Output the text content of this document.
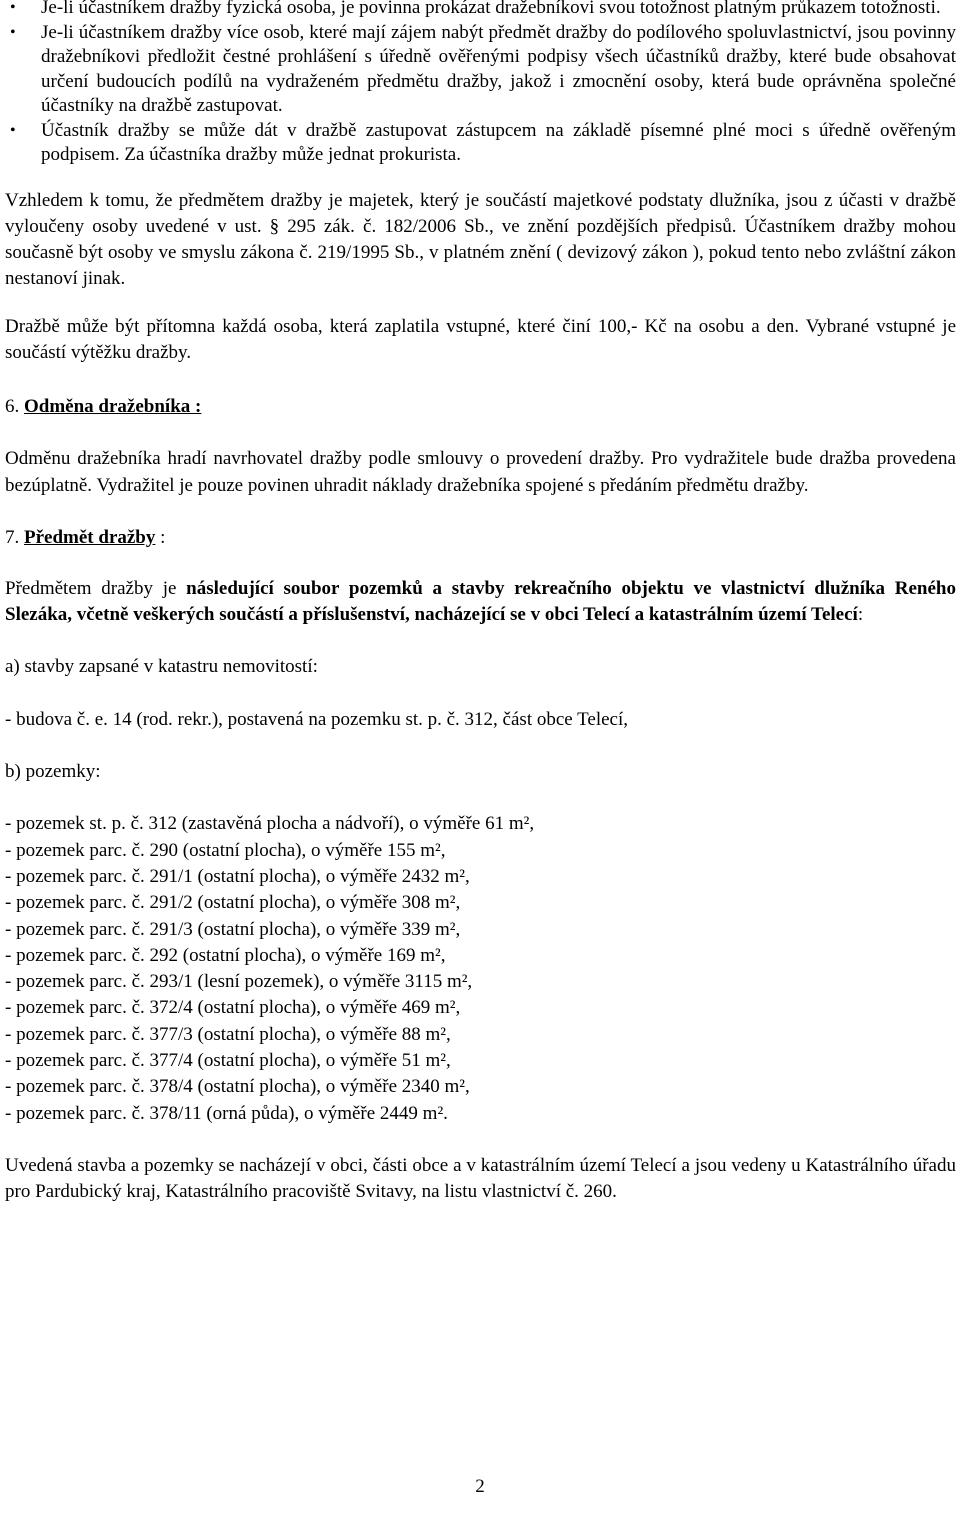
• Je-li účastníkem dražby fyzická osoba, je povinna prokázat dražebníkovi svou totožnost platným průkazem totožnosti.
• Je-li účastníkem dražby více osob, které mají zájem nabýt předmět dražby do podílového spoluvlastnictví, jsou povinny dražebníkovi předložit čestné prohlášení s úředně ověřenými podpisy všech účastníků dražby, které bude obsahovat určení budoucích podílů na vydraženém předmětu dražby, jakož i zmocnění osoby, která bude oprávněna společné účastníky na dražbě zastupovat.
• Účastník dražby se může dát v dražbě zastupovat zástupcem na základě písemné plné moci s úředně ověřeným podpisem. Za účastníka dražby může jednat prokurista.

Vzhledem k tomu, že předmětem dražby je majetek, který je součástí majetkové podstaty dlužníka, jsou z účasti v dražbě vyloučeny osoby uvedené v ust. § 295 zák. č. 182/2006 Sb., ve znění pozdějších předpisů. Účastníkem dražby mohou současně být osoby ve smyslu zákona č. 219/1995 Sb., v platném znění ( devizový zákon ), pokud tento nebo zvláštní zákon nestanoví jinak.

Dražbě může být přítomna každá osoba, která zaplatila vstupné, které činí 100,- Kč na osobu a den. Vybrané vstupné je součástí výtěžku dražby.

6. Odměna dražebníka :

Odměnu dražebníka hradí navrhovatel dražby podle smlouvy o provedení dražby. Pro vydražitele bude dražba provedena bezúplatně. Vydražitel je pouze povinen uhradit náklady dražebníka spojené s předáním předmětu dražby.

7. Předmět dražby :

Předmětem dražby je následující soubor pozemků a stavby rekreačního objektu ve vlastnictví dlužníka Reného Slezáka, včetně veškerých součástí a příslušenství, nacházející se v obci Telecí a katastrálním území Telecí:

a) stavby zapsané v katastru nemovitostí:

- budova č. e. 14 (rod. rekr.), postavená na pozemku st. p. č. 312, část obce Telecí,

b) pozemky:

- pozemek st. p. č. 312 (zastavěná plocha a nádvoří), o výměře 61 m²,
- pozemek parc. č. 290 (ostatní plocha), o výměře 155 m²,
- pozemek parc. č. 291/1 (ostatní plocha), o výměře 2432 m²,
- pozemek parc. č. 291/2 (ostatní plocha), o výměře 308 m²,
- pozemek parc. č. 291/3 (ostatní plocha), o výměře 339 m²,
- pozemek parc. č. 292 (ostatní plocha), o výměře 169 m²,
- pozemek parc. č. 293/1 (lesní pozemek), o výměře 3115 m²,
- pozemek parc. č. 372/4 (ostatní plocha), o výměře 469 m²,
- pozemek parc. č. 377/3 (ostatní plocha), o výměře 88 m²,
- pozemek parc. č. 377/4 (ostatní plocha), o výměře 51 m²,
- pozemek parc. č. 378/4 (ostatní plocha), o výměře 2340 m²,
- pozemek parc. č. 378/11 (orná půda), o výměře 2449 m².

Uvedená stavba a pozemky se nacházejí v obci, části obce a v katastrálním území Telecí a jsou vedeny u Katastrálního úřadu pro Pardubický kraj, Katastrálního pracoviště Svitavy, na listu vlastnictví č. 260.

2
